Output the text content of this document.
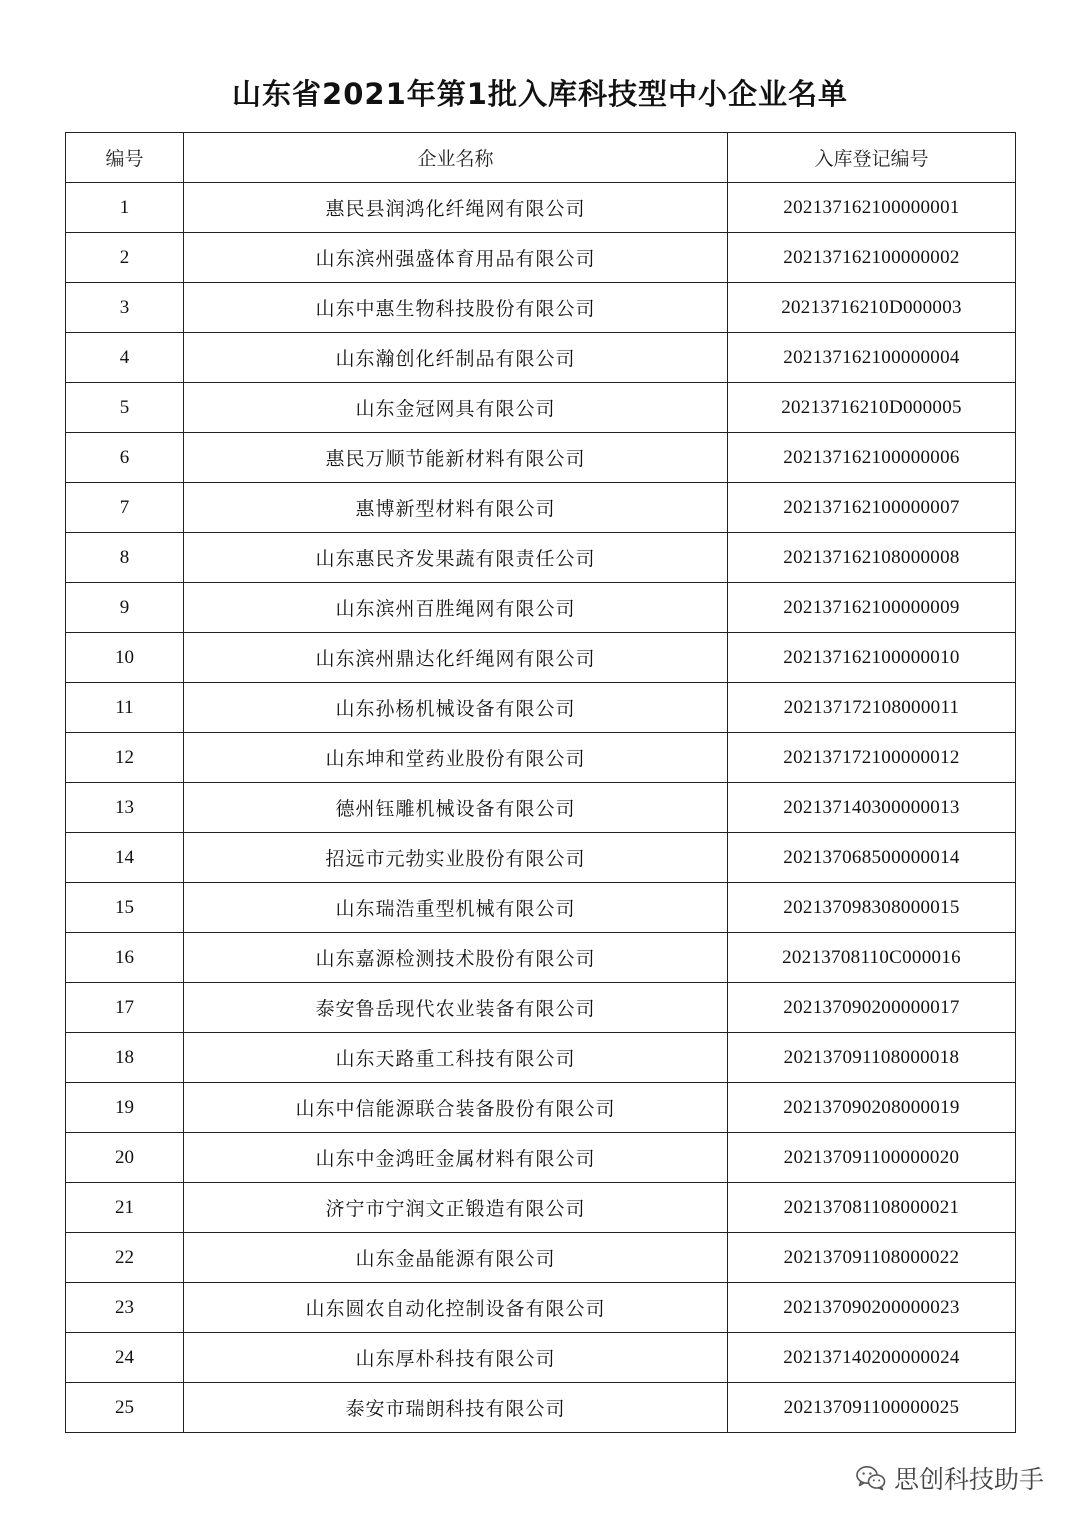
山东省2021年第1批入库科技型中小企业名单
编号	企业名称	入库登记编号
1	惠民县润鸿化纤绳网有限公司	202137162100000001
2	山东滨州强盛体育用品有限公司	202137162100000002
3	山东中惠生物科技股份有限公司	20213716210D000003
4	山东瀚创化纤制品有限公司	202137162100000004
5	山东金冠网具有限公司	20213716210D000005
6	惠民万顺节能新材料有限公司	202137162100000006
7	惠博新型材料有限公司	202137162100000007
8	山东惠民齐发果蔬有限责任公司	202137162108000008
9	山东滨州百胜绳网有限公司	202137162100000009
10	山东滨州鼎达化纤绳网有限公司	202137162100000010
11	山东孙杨机械设备有限公司	202137172108000011
12	山东坤和堂药业股份有限公司	202137172100000012
13	德州钰雕机械设备有限公司	202137140300000013
14	招远市元勃实业股份有限公司	202137068500000014
15	山东瑞浩重型机械有限公司	202137098308000015
16	山东嘉源检测技术股份有限公司	20213708110C000016
17	泰安鲁岳现代农业装备有限公司	202137090200000017
18	山东天路重工科技有限公司	202137091108000018
19	山东中信能源联合装备股份有限公司	202137090208000019
20	山东中金鸿旺金属材料有限公司	202137091100000020
21	济宁市宁润文正锻造有限公司	202137081108000021
22	山东金晶能源有限公司	202137091108000022
23	山东圆农自动化控制设备有限公司	202137090200000023
24	山东厚朴科技有限公司	202137140200000024
25	泰安市瑞朗科技有限公司	202137091100000025
思创科技助手
